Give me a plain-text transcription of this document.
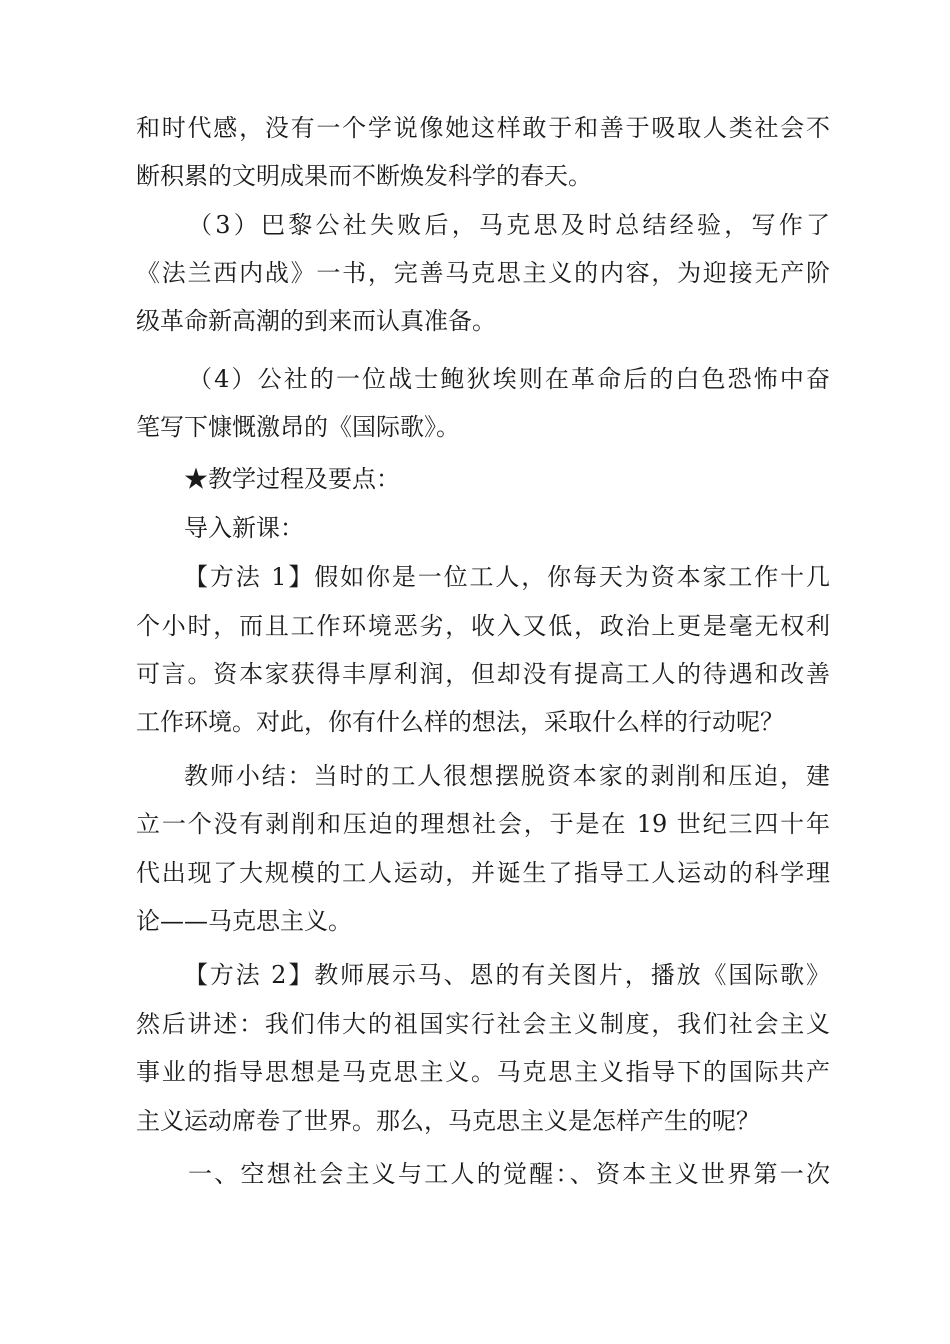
和时代感，没有一个学说像她这样敢于和善于吸取人类社会不
断积累的文明成果而不断焕发科学的春天。
（3）巴黎公社失败后，马克思及时总结经验，写作了
《法兰西内战》一书，完善马克思主义的内容，为迎接无产阶
级革命新高潮的到来而认真准备。
（4）公社的一位战士鲍狄埃则在革命后的白色恐怖中奋
笔写下慷慨激昂的《国际歌》。
★教学过程及要点：
导入新课：
【方法 1】假如你是一位工人，你每天为资本家工作十几
个小时，而且工作环境恶劣，收入又低，政治上更是毫无权利
可言。资本家获得丰厚利润，但却没有提高工人的待遇和改善
工作环境。对此，你有什么样的想法，采取什么样的行动呢？
教师小结：当时的工人很想摆脱资本家的剥削和压迫，建
立一个没有剥削和压迫的理想社会，于是在 19 世纪三四十年
代出现了大规模的工人运动，并诞生了指导工人运动的科学理
论——马克思主义。
【方法 2】教师展示马、恩的有关图片，播放《国际歌》
然后讲述：我们伟大的祖国实行社会主义制度，我们社会主义
事业的指导思想是马克思主义。马克思主义指导下的国际共产
主义运动席卷了世界。那么，马克思主义是怎样产生的呢？
一、空想社会主义与工人的觉醒：、资本主义世界第一次
